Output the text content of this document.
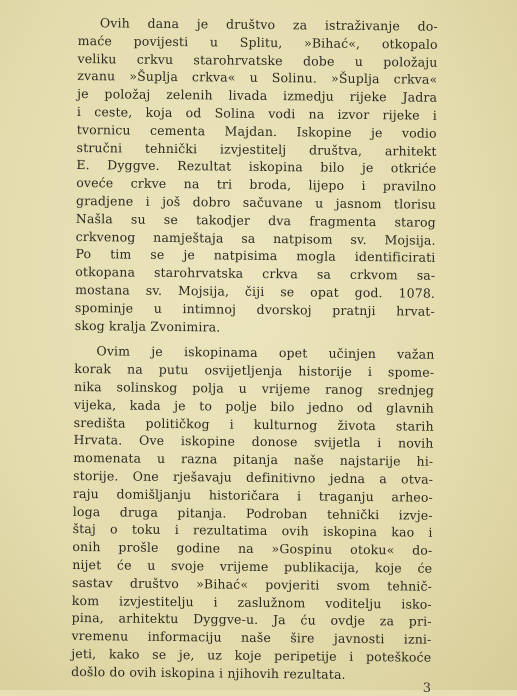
Ovih dana je društvo za istraživanje do-
maće povijesti u Splitu, »Bihać«, otkopalo
veliku crkvu starohrvatske dobe u položaju
zvanu »Šuplja crkva« u Solinu. »Šuplja crkva«
je položaj zelenih livada izmedju rijeke Jadra
i ceste, koja od Solina vodi na izvor rijeke i
tvornicu cementa Majdan. Iskopine je vodio
stručni tehnički izvjestitelj društva, arhitekt
E. Dyggve. Rezultat iskopina bilo je otkriće
oveće crkve na tri broda, lijepo i pravilno
gradjene i još dobro sačuvane u jasnom tlorisu
Našla su se takodjer dva fragmenta starog
crkvenog namještaja sa natpisom sv. Mojsija.
Po tim se je natpisima mogla identificirati
otkopana starohrvatska crkva sa crkvom sa-
mostana sv. Mojsija, čiji se opat god. 1078.
spominje u intimnoj dvorskoj pratnji hrvat-
skog kralja Zvonimira.
Ovim je iskopinama opet učinjen važan
korak na putu osvijetljenja historije i spome-
nika solinskog polja u vrijeme ranog srednjeg
vijeka, kada je to polje bilo jedno od glavnih
središta političkog i kulturnog života starih
Hrvata. Ove iskopine donose svijetla i novih
momenata u razna pitanja naše najstarije hi-
storije. One rješavaju definitivno jedna a otva-
raju domišljanju historičara i traganju arheo-
loga druga pitanja. Podroban tehnički izvje-
štaj o toku i rezultatima ovih iskopina kao i
onih prošle godine na »Gospinu otoku« do-
nijet će u svoje vrijeme publikacija, koje će
sastav društvo »Bihać« povjeriti svom tehnič-
kom izvjestitelju i zaslužnom voditelju isko-
pina, arhitektu Dyggve-u. Ja ću ovdje za pri-
vremenu informaciju naše šire javnosti izni-
jeti, kako se je, uz koje peripetije i poteškoće
došlo do ovih iskopina i njihovih rezultata.
3
